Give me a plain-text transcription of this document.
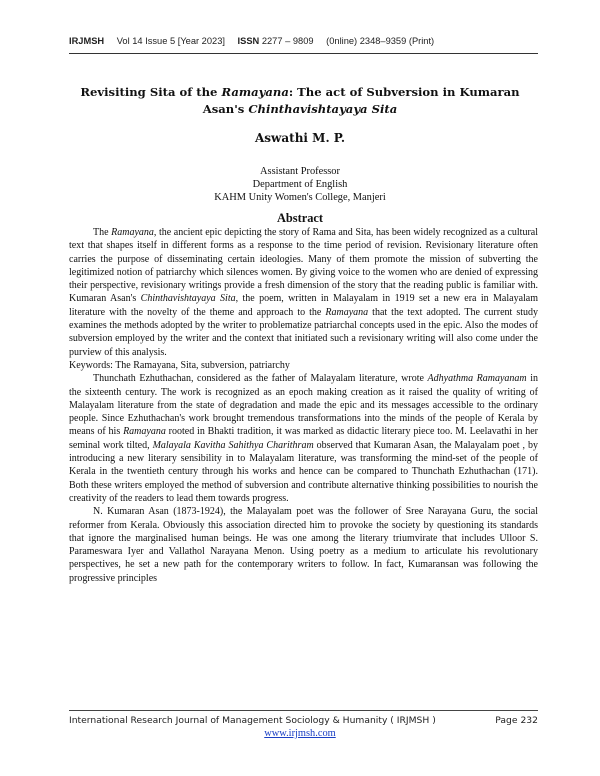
IRJMSH Vol 14 Issue 5 [Year 2023] ISSN 2277 – 9809 (0nline) 2348–9359 (Print)
Revisiting Sita of the Ramayana: The act of Subversion in Kumaran Asan's Chinthavishtayaya Sita
Aswathi M. P.
Assistant Professor
Department of English
KAHM Unity Women's College, Manjeri
Abstract

The Ramayana, the ancient epic depicting the story of Rama and Sita, has been widely recognized as a cultural text that shapes itself in different forms as a response to the time period of revision. Revisionary literature often carries the purpose of disseminating certain ideologies. Many of them promote the mission of subverting the legitimized notion of patriarchy which silences women. By giving voice to the women who are denied of expressing their perspective, revisionary writings provide a fresh dimension of the story that the reading public is familiar with. Kumaran Asan's Chinthavishtayaya Sita, the poem, written in Malayalam in 1919 set a new era in Malayalam literature with the novelty of the theme and approach to the Ramayana that the text adopted. The current study examines the methods adopted by the writer to problematize patriarchal concepts used in the epic. Also the modes of subversion employed by the writer and the context that initiated such a revisionary writing will also come under the purview of this analysis.

Keywords: The Ramayana, Sita, subversion, patriarchy

Thunchath Ezhuthachan, considered as the father of Malayalam literature, wrote Adhyathma Ramayanam in the sixteenth century. The work is recognized as an epoch making creation as it raised the quality of writing of Malayalam literature from the state of degradation and made the epic and its messages accessible to the ordinary people. Since Ezhuthachan's work brought tremendous transformations into the minds of the people of Kerala by means of his Ramayana rooted in Bhakti tradition, it was marked as didactic literary piece too. M. Leelavathi in her seminal work tilted, Malayala Kavitha Sahithya Charithram observed that Kumaran Asan, the Malayalam poet , by introducing a new literary sensibility in to Malayalam literature, was transforming the mind-set of the people of Kerala in the twentieth century through his works and hence can be compared to Thunchath Ezhuthachan (171). Both these writers employed the method of subversion and contribute alternative thinking possibilities to nourish the creativity of the readers to lead them towards progress.

N. Kumaran Asan (1873-1924), the Malayalam poet was the follower of Sree Narayana Guru, the social reformer from Kerala. Obviously this association directed him to provoke the society by questioning its standards that ignore the marginalised human beings. He was one among the literary triumvirate that includes Ulloor S. Parameswara Iyer and Vallathol Narayana Menon. Using poetry as a medium to articulate his revolutionary perspectives, he set a new path for the contemporary writers to follow. In fact, Kumaransan was following the progressive principles

International Research Journal of Management Sociology & Humanity ( IRJMSH )	Page 232
www.irjmsh.com
